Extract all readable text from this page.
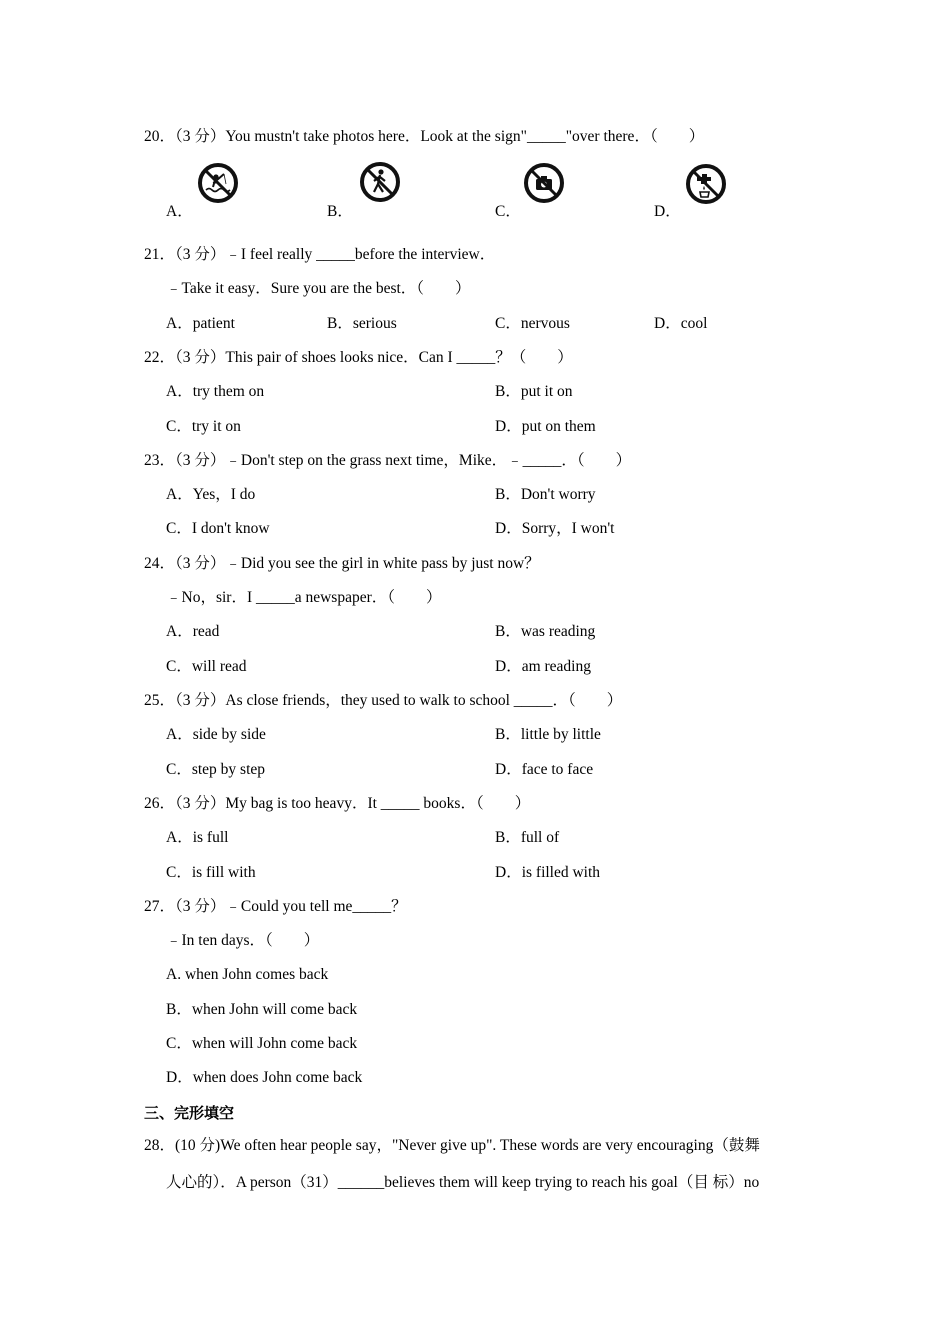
20．（3 分）You mustn't take photos here．Look at the sign"_____"over there．（　　）
A．	B．	C．	D．
21．（3 分）﹣I feel really _____before the interview．
﹣Take it easy．Sure you are the best．（　　）
A．patient	B．serious	C．nervous	D．cool
22．（3 分）This pair of shoes looks nice．Can I _____？（　　）
A．try them on	B．put it on
C．try it on	D．put on them
23．（3 分）﹣Don't step on the grass next time，Mike．﹣_____．（　　）
A．Yes，I do	B．Don't worry
C．I don't know	D．Sorry，I won't
24．（3 分）﹣Did you see the girl in white pass by just now？
﹣No，sir．I _____a newspaper．（　　）
A．read	B．was reading
C．will read	D．am reading
25．（3 分）As close friends，they used to walk to school _____．（　　）
A．side by side	B．little by little
C．step by step	D．face to face
26．（3 分）My bag is too heavy．It _____ books．（　　）
A．is full	B．full of
C．is fill with	D．is filled with
27．（3 分）﹣Could you tell me_____？
﹣In ten days．（　　）
A. when John comes back
B．when John will come back
C．when will John come back
D．when does John come back
三、完形填空
28．(10 分)We often hear people say，"Never give up". These words are very encouraging（鼓舞
人心的）．A person（31）______believes them will keep trying to reach his goal（目 标）no
